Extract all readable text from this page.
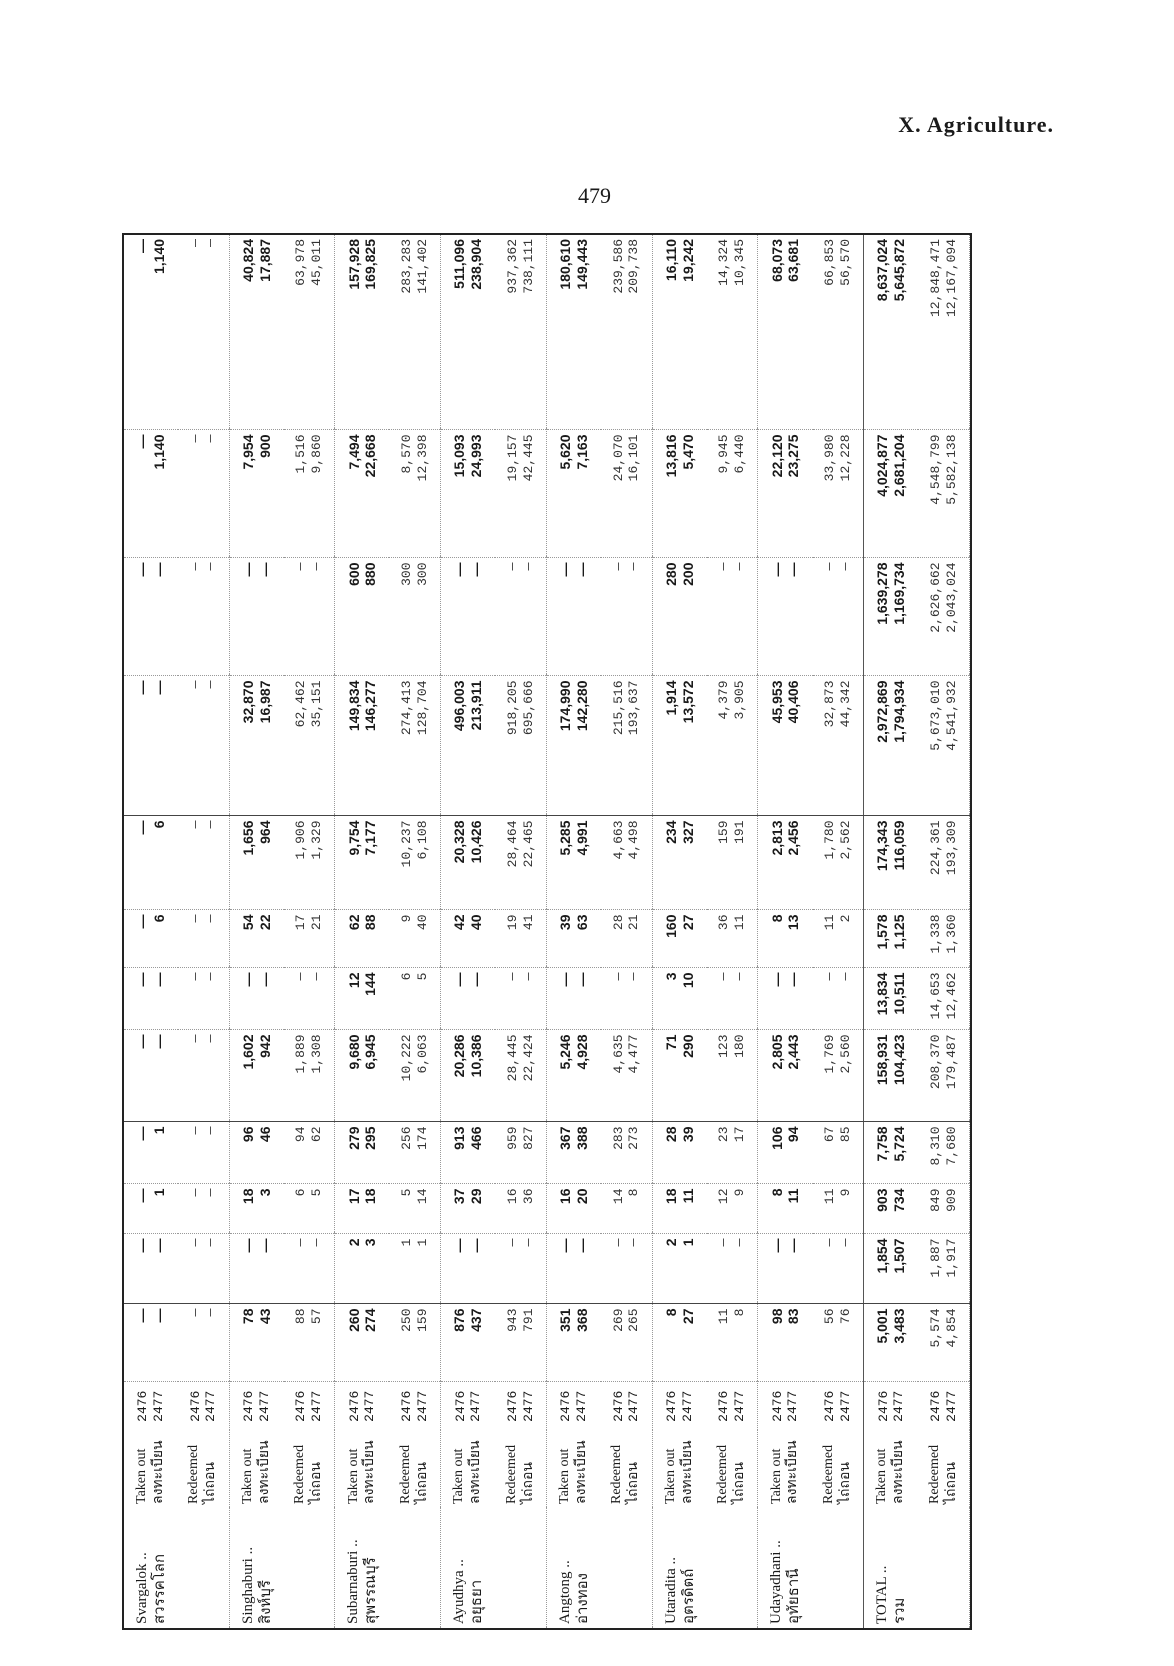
X. Agriculture.
479
Svargalok .. สวรรคโลก	Taken out ลงทะเบียน	2476 2477	— —	— —	— 1	— 1	— —	— —	— 6	— 6	— —	— —	— 1,140	— 1,140

	Redeemed ไถ่ถอน	2476 2477	— —	— —	— —	— —	— —	— —	— —	— —	— —	— —	— —	— —

Singhaburi .. สิงห์บุรี	Taken out ลงทะเบียน	2476 2477	78 43	— —	18 3	96 46	1,602 942	— —	54 22	1,656 964	32,870 16,987	— —	7,954 900	40,824 17,887

	Redeemed ไถ่ถอน	2476 2477	88 57	— —	6 5	94 62	1,889 1,308	— —	17 21	1,906 1,329	62,462 35,151	— —	1,516 9,860	63,978 45,011

Subarnaburi .. สุพรรณบุรี	Taken out ลงทะเบียน	2476 2477	260 274	2 3	17 18	279 295	9,680 6,945	12 144	62 88	9,754 7,177	149,834 146,277	600 880	7,494 22,668	157,928 169,825

	Redeemed ไถ่ถอน	2476 2477	250 159	1 1	5 14	256 174	10,222 6,063	6 5	9 40	10,237 6,108	274,413 128,704	300 300	8,570 12,398	283,283 141,402

Ayudhya .. อยุธยา	Taken out ลงทะเบียน	2476 2477	876 437	— —	37 29	913 466	20,286 10,386	— —	42 40	20,328 10,426	496,003 213,911	— —	15,093 24,993	511,096 238,904

	Redeemed ไถ่ถอน	2476 2477	943 791	— —	16 36	959 827	28,445 22,424	— —	19 41	28,464 22,465	918,205 695,666	— —	19,157 42,445	937,362 738,111

Angtong .. อ่างทอง	Taken out ลงทะเบียน	2476 2477	351 368	— —	16 20	367 388	5,246 4,928	— —	39 63	5,285 4,991	174,990 142,280	— —	5,620 7,163	180,610 149,443

	Redeemed ไถ่ถอน	2476 2477	269 265	— —	14 8	283 273	4,635 4,477	— —	28 21	4,663 4,498	215,516 193,637	— —	24,070 16,101	239,586 209,738

Utaradita .. อุตรดิตถ์	Taken out ลงทะเบียน	2476 2477	8 27	2 1	18 11	28 39	71 290	3 10	160 27	234 327	1,914 13,572	280 200	13,816 5,470	16,110 19,242

	Redeemed ไถ่ถอน	2476 2477	11 8	— —	12 9	23 17	123 180	— —	36 11	159 191	4,379 3,905	— —	9,945 6,440	14,324 10,345

Udayadhani .. อุทัยธานี	Taken out ลงทะเบียน	2476 2477	98 83	— —	8 11	106 94	2,805 2,443	— —	8 13	2,813 2,456	45,953 40,406	— —	22,120 23,275	68,073 63,681

	Redeemed ไถ่ถอน	2476 2477	56 76	— —	11 9	67 85	1,769 2,560	— —	11 2	1,780 2,562	32,873 44,342	— —	33,980 12,228	66,853 56,570

TOTAL .. รวม	Taken out ลงทะเบียน	2476 2477	5,001 3,483	1,854 1,507	903 734	7,758 5,724	158,931 104,423	13,834 10,511	1,578 1,125	174,343 116,059	2,972,869 1,794,934	1,639,278 1,169,734	4,024,877 2,681,204	8,637,024 5,645,872

	Redeemed ไถ่ถอน	2476 2477	5,574 4,854	1,887 1,917	849 909	8,310 7,680	208,370 179,487	14,653 12,462	1,338 1,360	224,361 193,309	5,673,010 4,541,932	2,626,662 2,043,024	4,548,799 5,582,138	12,848,471 12,167,094
